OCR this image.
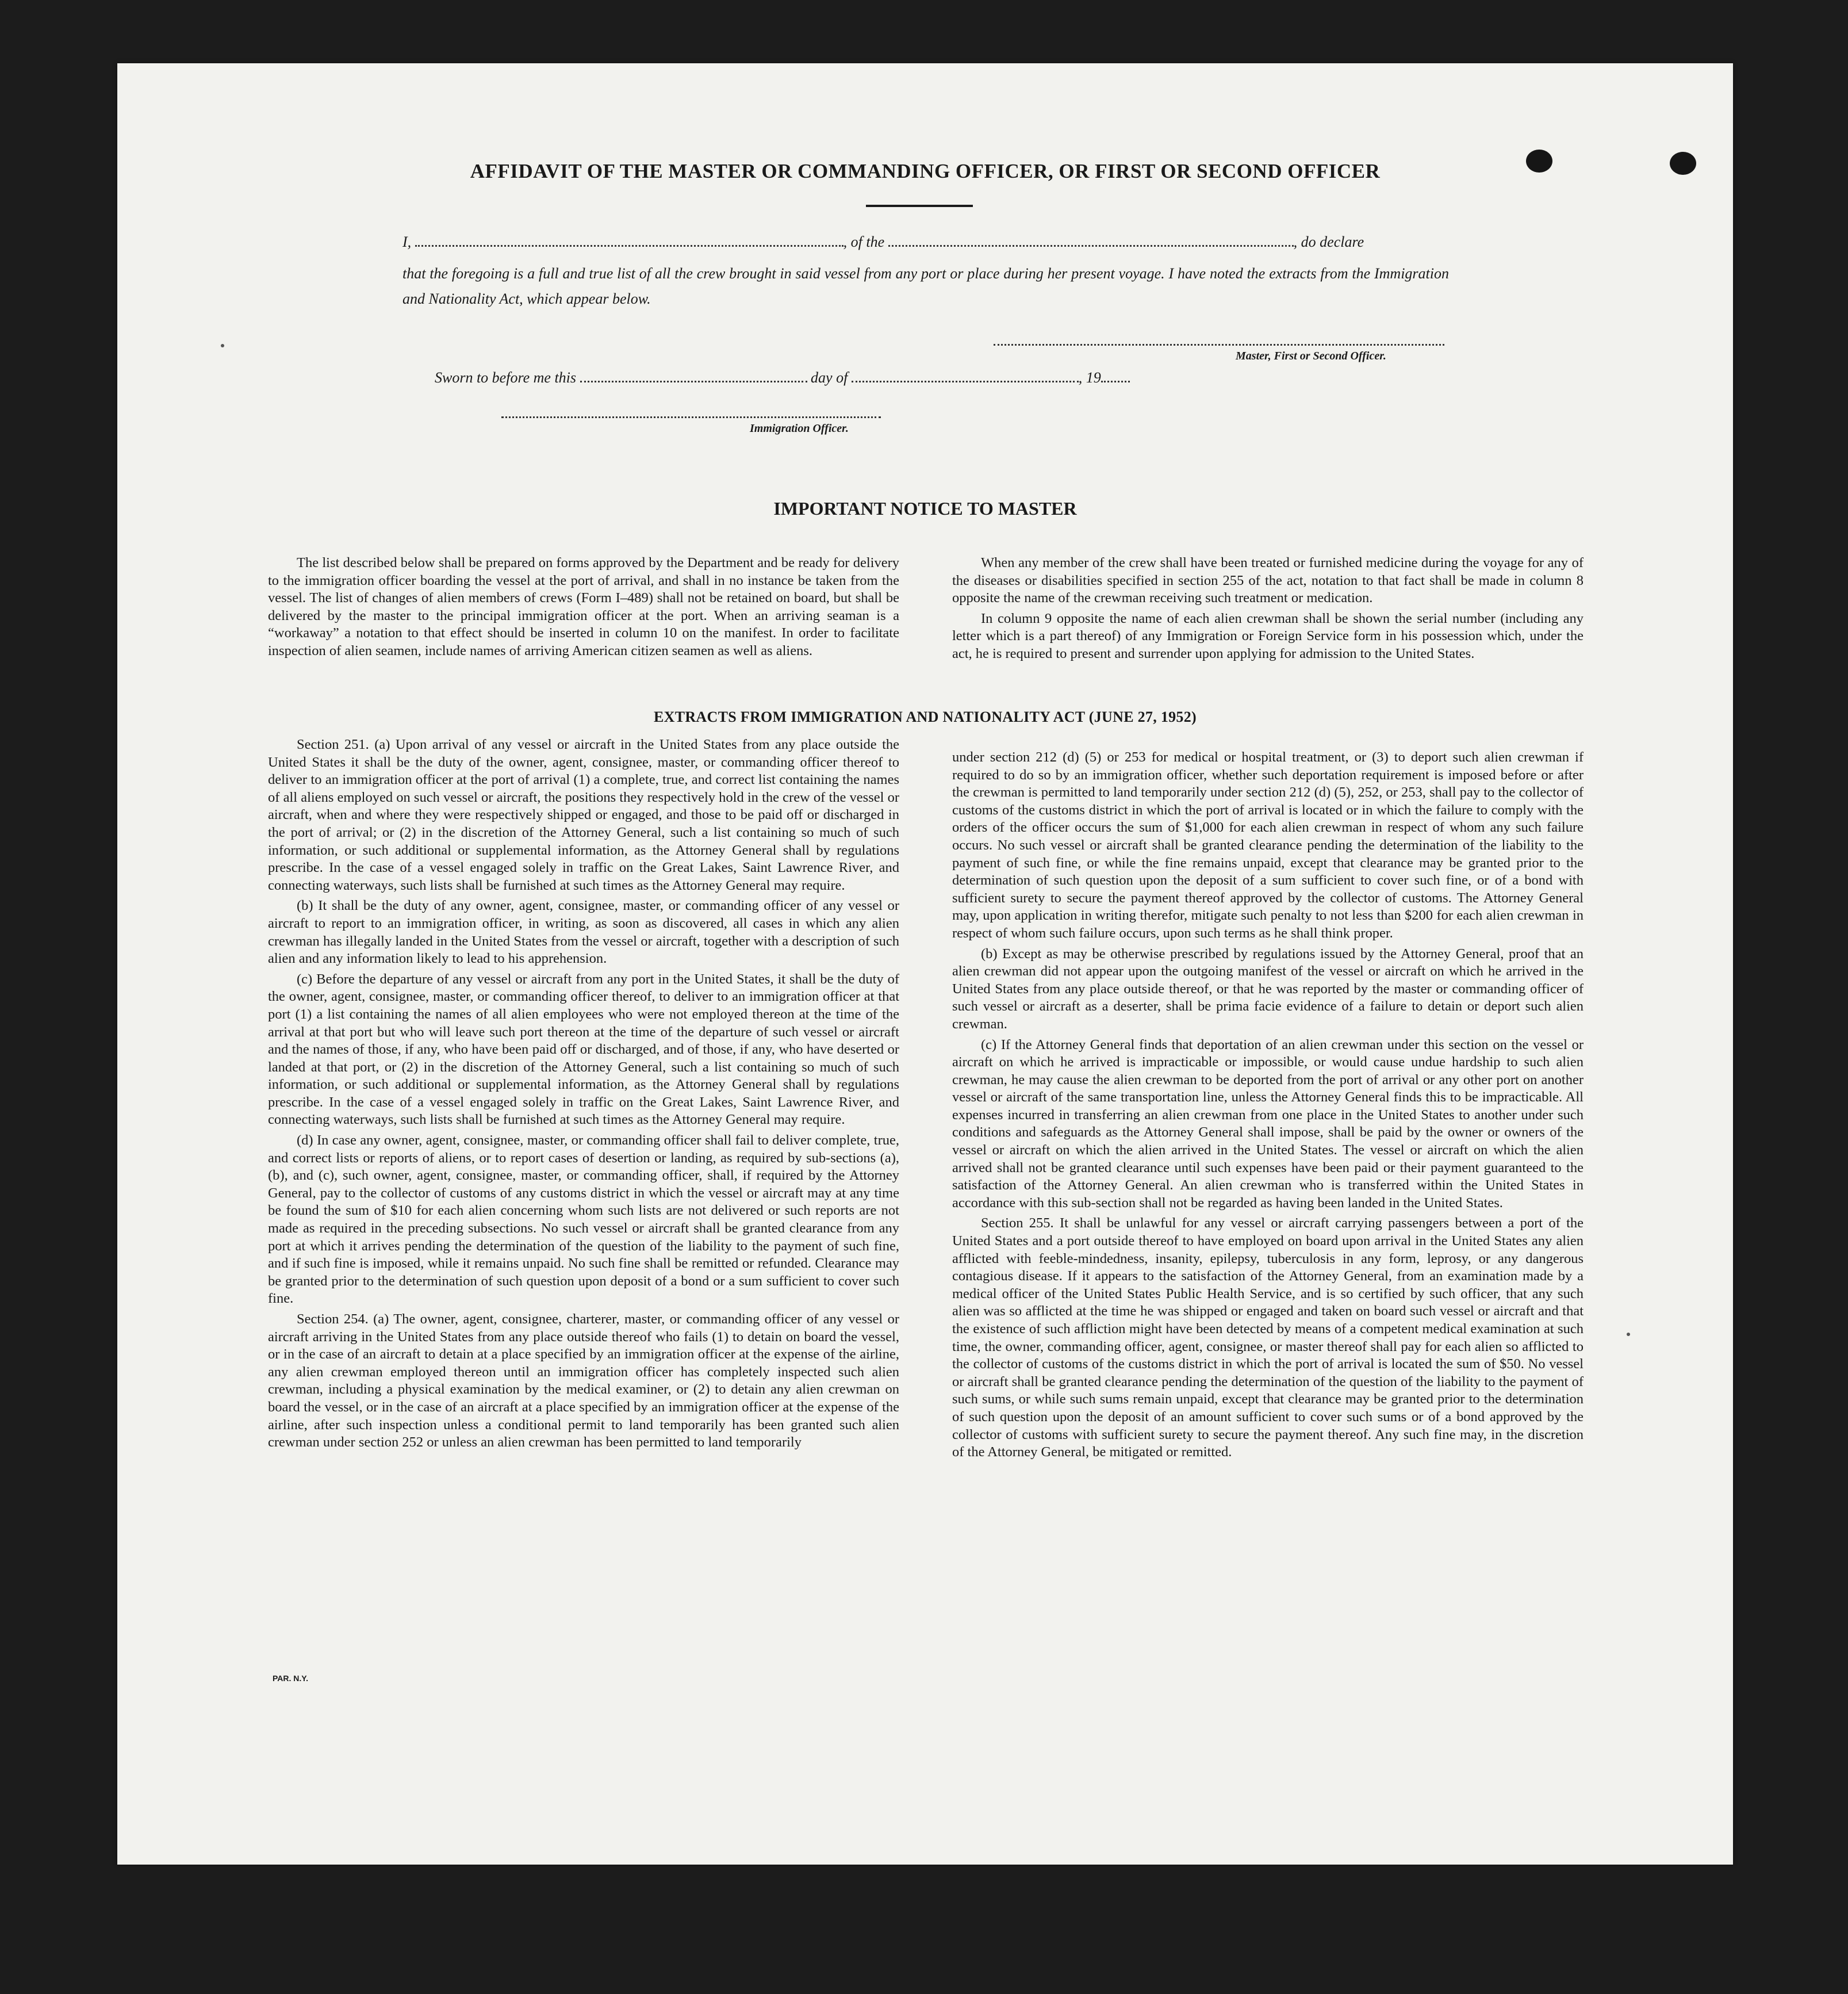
AFFIDAVIT OF THE MASTER OR COMMANDING OFFICER, OR FIRST OR SECOND OFFICER
I,	, of the	, do declare
that the foregoing is a full and true list of all the crew brought in said vessel from any port or place during her present voyage. I have noted the extracts from the Immigration and Nationality Act, which appear below.
Master, First or Second Officer.
Sworn to before me this	day of	, 19
Immigration Officer.
IMPORTANT NOTICE TO MASTER

The list described below shall be prepared on forms approved by the Department and be ready for delivery to the immigration officer boarding the vessel at the port of arrival, and shall in no instance be taken from the vessel. The list of changes of alien members of crews (Form I–489) shall not be retained on board, but shall be delivered by the master to the principal immigration officer at the port. When an arriving seaman is a “workaway” a notation to that effect should be inserted in column 10 on the manifest. In order to facilitate inspection of alien seamen, include names of arriving American citizen seamen as well as aliens.

When any member of the crew shall have been treated or furnished medicine during the voyage for any of the diseases or disabilities specified in section 255 of the act, notation to that fact shall be made in column 8 opposite the name of the crewman receiving such treatment or medication.

In column 9 opposite the name of each alien crewman shall be shown the serial number (including any letter which is a part thereof) of any Immigration or Foreign Service form in his possession which, under the act, he is required to present and surrender upon applying for admission to the United States.

EXTRACTS FROM IMMIGRATION AND NATIONALITY ACT (JUNE 27, 1952)

Section 251. (a) Upon arrival of any vessel or aircraft in the United States from any place outside the United States it shall be the duty of the owner, agent, consignee, master, or commanding officer thereof to deliver to an immigration officer at the port of arrival (1) a complete, true, and correct list containing the names of all aliens employed on such vessel or aircraft, the positions they respectively hold in the crew of the vessel or aircraft, when and where they were respectively shipped or engaged, and those to be paid off or discharged in the port of arrival; or (2) in the discretion of the Attorney General, such a list containing so much of such information, or such additional or supplemental information, as the Attorney General shall by regulations prescribe. In the case of a vessel engaged solely in traffic on the Great Lakes, Saint Lawrence River, and connecting waterways, such lists shall be furnished at such times as the Attorney General may require.

(b) It shall be the duty of any owner, agent, consignee, master, or commanding officer of any vessel or aircraft to report to an immigration officer, in writing, as soon as discovered, all cases in which any alien crewman has illegally landed in the United States from the vessel or aircraft, together with a description of such alien and any information likely to lead to his apprehension.

(c) Before the departure of any vessel or aircraft from any port in the United States, it shall be the duty of the owner, agent, consignee, master, or commanding officer thereof, to deliver to an immigration officer at that port (1) a list containing the names of all alien employees who were not employed thereon at the time of the arrival at that port but who will leave such port thereon at the time of the departure of such vessel or aircraft and the names of those, if any, who have been paid off or discharged, and of those, if any, who have deserted or landed at that port, or (2) in the discretion of the Attorney General, such a list containing so much of such information, or such additional or supplemental information, as the Attorney General shall by regulations prescribe. In the case of a vessel engaged solely in traffic on the Great Lakes, Saint Lawrence River, and connecting waterways, such lists shall be furnished at such times as the Attorney General may require.

(d) In case any owner, agent, consignee, master, or commanding officer shall fail to deliver complete, true, and correct lists or reports of aliens, or to report cases of desertion or landing, as required by sub-sections (a), (b), and (c), such owner, agent, consignee, master, or commanding officer, shall, if required by the Attorney General, pay to the collector of customs of any customs district in which the vessel or aircraft may at any time be found the sum of $10 for each alien concerning whom such lists are not delivered or such reports are not made as required in the preceding subsections. No such vessel or aircraft shall be granted clearance from any port at which it arrives pending the determination of the question of the liability to the payment of such fine, and if such fine is imposed, while it remains unpaid. No such fine shall be remitted or refunded. Clearance may be granted prior to the determination of such question upon deposit of a bond or a sum sufficient to cover such fine.

Section 254. (a) The owner, agent, consignee, charterer, master, or commanding officer of any vessel or aircraft arriving in the United States from any place outside thereof who fails (1) to detain on board the vessel, or in the case of an aircraft to detain at a place specified by an immigration officer at the expense of the airline, any alien crewman employed thereon until an immigration officer has completely inspected such alien crewman, including a physical examination by the medical examiner, or (2) to detain any alien crewman on board the vessel, or in the case of an aircraft at a place specified by an immigration officer at the expense of the airline, after such inspection unless a conditional permit to land temporarily has been granted such alien crewman under section 252 or unless an alien crewman has been permitted to land temporarily

under section 212 (d) (5) or 253 for medical or hospital treatment, or (3) to deport such alien crewman if required to do so by an immigration officer, whether such deportation requirement is imposed before or after the crewman is permitted to land temporarily under section 212 (d) (5), 252, or 253, shall pay to the collector of customs of the customs district in which the port of arrival is located or in which the failure to comply with the orders of the officer occurs the sum of $1,000 for each alien crewman in respect of whom any such failure occurs. No such vessel or aircraft shall be granted clearance pending the determination of the liability to the payment of such fine, or while the fine remains unpaid, except that clearance may be granted prior to the determination of such question upon the deposit of a sum sufficient to cover such fine, or of a bond with sufficient surety to secure the payment thereof approved by the collector of customs. The Attorney General may, upon application in writing therefor, mitigate such penalty to not less than $200 for each alien crewman in respect of whom such failure occurs, upon such terms as he shall think proper.

(b) Except as may be otherwise prescribed by regulations issued by the Attorney General, proof that an alien crewman did not appear upon the outgoing manifest of the vessel or aircraft on which he arrived in the United States from any place outside thereof, or that he was reported by the master or commanding officer of such vessel or aircraft as a deserter, shall be prima facie evidence of a failure to detain or deport such alien crewman.

(c) If the Attorney General finds that deportation of an alien crewman under this section on the vessel or aircraft on which he arrived is impracticable or impossible, or would cause undue hardship to such alien crewman, he may cause the alien crewman to be deported from the port of arrival or any other port on another vessel or aircraft of the same transportation line, unless the Attorney General finds this to be impracticable. All expenses incurred in transferring an alien crewman from one place in the United States to another under such conditions and safeguards as the Attorney General shall impose, shall be paid by the owner or owners of the vessel or aircraft on which the alien arrived in the United States. The vessel or aircraft on which the alien arrived shall not be granted clearance until such expenses have been paid or their payment guaranteed to the satisfaction of the Attorney General. An alien crewman who is transferred within the United States in accordance with this sub-section shall not be regarded as having been landed in the United States.

Section 255. It shall be unlawful for any vessel or aircraft carrying passengers between a port of the United States and a port outside thereof to have employed on board upon arrival in the United States any alien afflicted with feeble-mindedness, insanity, epilepsy, tuberculosis in any form, leprosy, or any dangerous contagious disease. If it appears to the satisfaction of the Attorney General, from an examination made by a medical officer of the United States Public Health Service, and is so certified by such officer, that any such alien was so afflicted at the time he was shipped or engaged and taken on board such vessel or aircraft and that the existence of such affliction might have been detected by means of a competent medical examination at such time, the owner, commanding officer, agent, consignee, or master thereof shall pay for each alien so afflicted to the collector of customs of the customs district in which the port of arrival is located the sum of $50. No vessel or aircraft shall be granted clearance pending the determination of the question of the liability to the payment of such sums, or while such sums remain unpaid, except that clearance may be granted prior to the determination of such question upon the deposit of an amount sufficient to cover such sums or of a bond approved by the collector of customs with sufficient surety to secure the payment thereof. Any such fine may, in the discretion of the Attorney General, be mitigated or remitted.

PAR. N.Y.
